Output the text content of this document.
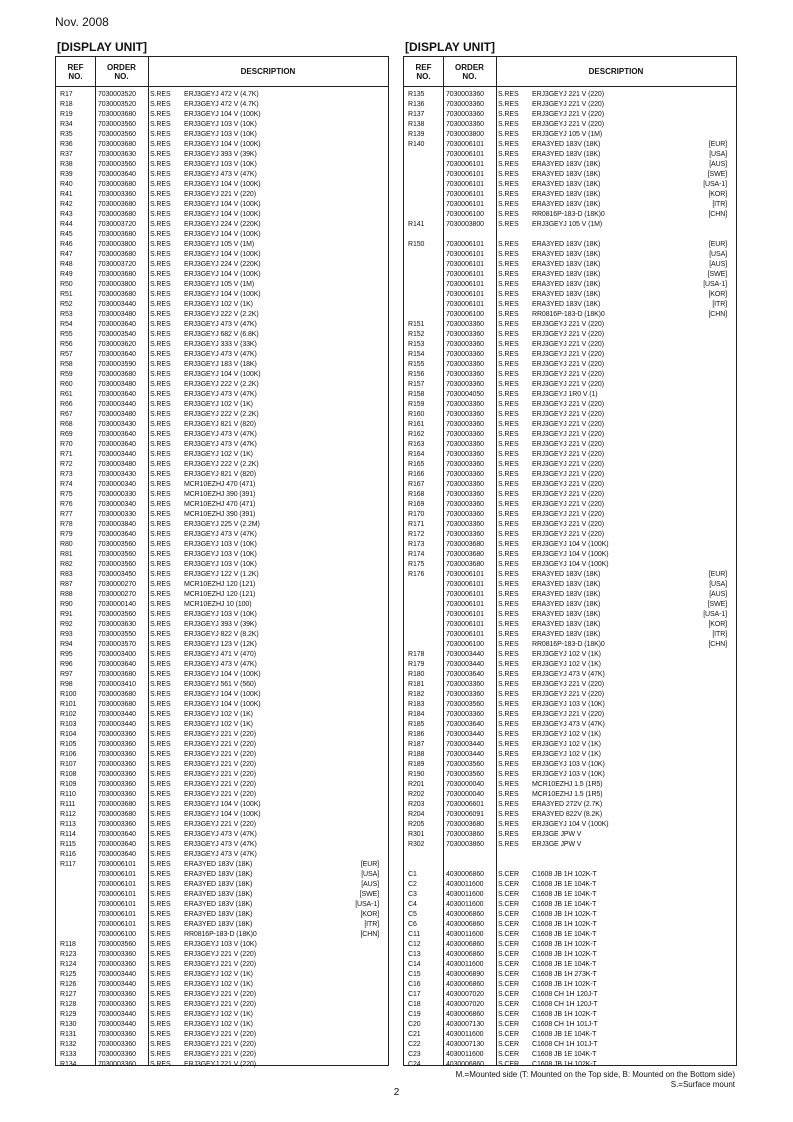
Nov. 2008
[DISPLAY UNIT]	[DISPLAY UNIT]
REF
NO.
ORDER
NO.	DESCRIPTION
R17	7030003520 S.RES ERJ3GEYJ 472 V (4.7K)
R18	7030003520 S.RES ERJ3GEYJ 472 V (4.7K)
R19	7030003680 S.RES ERJ3GEYJ 104 V (100K)
R34	7030003560 S.RES ERJ3GEYJ 103 V (10K)
R35	7030003560 S.RES ERJ3GEYJ 103 V (10K)
R36	7030003680 S.RES ERJ3GEYJ 104 V (100K)
R37	7030003630 S.RES ERJ3GEYJ 393 V (39K)
R38	7030003560 S.RES ERJ3GEYJ 103 V (10K)
R39	7030003640 S.RES ERJ3GEYJ 473 V (47K)
R40	7030003680 S.RES ERJ3GEYJ 104 V (100K)
R41	7030003360 S.RES ERJ3GEYJ 221 V (220)
R42	7030003680 S.RES ERJ3GEYJ 104 V (100K)
R43	7030003680 S.RES ERJ3GEYJ 104 V (100K)
R44	7030003720 S.RES ERJ3GEYJ 224 V (220K)
R45	7030003680 S.RES ERJ3GEYJ 104 V (100K)
R46	7030003800 S.RES ERJ3GEYJ 105 V (1M)
R47	7030003680 S.RES ERJ3GEYJ 104 V (100K)
R48	7030003720 S.RES ERJ3GEYJ 224 V (220K)
R49	7030003680 S.RES ERJ3GEYJ 104 V (100K)
R50	7030003800 S.RES ERJ3GEYJ 105 V (1M)
R51	7030003680 S.RES ERJ3GEYJ 104 V (100K)
R52	7030003440 S.RES ERJ3GEYJ 102 V (1K)
R53	7030003480 S.RES ERJ3GEYJ 222 V (2.2K)
R54	7030003640 S.RES ERJ3GEYJ 473 V (47K)
R55	7030003540 S.RES ERJ3GEYJ 682 V (6.8K)
R56	7030003620 S.RES ERJ3GEYJ 333 V (33K)
R57	7030003640 S.RES ERJ3GEYJ 473 V (47K)
R58	7030003590 S.RES ERJ3GEYJ 183 V (18K)
R59	7030003680 S.RES ERJ3GEYJ 104 V (100K)
R60	7030003480 S.RES ERJ3GEYJ 222 V (2.2K)
R61	7030003640 S.RES ERJ3GEYJ 473 V (47K)
R66	7030003440 S.RES ERJ3GEYJ 102 V (1K)
R67	7030003480 S.RES ERJ3GEYJ 222 V (2.2K)
R68	7030003430 S.RES ERJ3GEYJ 821 V (820)
R69	7030003640 S.RES ERJ3GEYJ 473 V (47K)
R70	7030003640 S.RES ERJ3GEYJ 473 V (47K)
R71	7030003440 S.RES ERJ3GEYJ 102 V (1K)
R72	7030003480 S.RES ERJ3GEYJ 222 V (2.2K)
R73	7030003430 S.RES ERJ3GEYJ 821 V (820)
R74	7030000340 S.RES MCR10EZHJ 470 (471)
R75	7030000330 S.RES MCR10EZHJ 390 (391)
R76	7030000340 S.RES MCR10EZHJ 470 (471)
R77	7030000330 S.RES MCR10EZHJ 390 (391)
R78	7030003840 S.RES ERJ3GEYJ 225 V (2.2M)
R79	7030003640 S.RES ERJ3GEYJ 473 V (47K)
R80	7030003560 S.RES ERJ3GEYJ 103 V (10K)
R81	7030003560 S.RES ERJ3GEYJ 103 V (10K)
R82	7030003560 S.RES ERJ3GEYJ 103 V (10K)
R83	7030003450 S.RES ERJ3GEYJ 122 V (1.2K)
R87	7030000270 S.RES MCR10EZHJ 120 (121)
R88	7030000270 S.RES MCR10EZHJ 120 (121)
R90	7030000140 S.RES MCR10EZHJ 10 (100)
R91	7030003560 S.RES ERJ3GEYJ 103 V (10K)
R92	7030003630 S.RES ERJ3GEYJ 393 V (39K)
R93	7030003550 S.RES ERJ3GEYJ 822 V (8.2K)
R94	7030003570 S.RES ERJ3GEYJ 123 V (12K)
R95	7030003400 S.RES ERJ3GEYJ 471 V (470)
R96	7030003640 S.RES ERJ3GEYJ 473 V (47K)
R97	7030003680 S.RES ERJ3GEYJ 104 V (100K)
R98	7030003410 S.RES ERJ3GEYJ 561 V (560)
R100	7030003680 S.RES ERJ3GEYJ 104 V (100K)
R101	7030003680 S.RES ERJ3GEYJ 104 V (100K)
R102	7030003440 S.RES ERJ3GEYJ 102 V (1K)
R103	7030003440 S.RES ERJ3GEYJ 102 V (1K)
R104	7030003360 S.RES ERJ3GEYJ 221 V (220)
R105	7030003360 S.RES ERJ3GEYJ 221 V (220)
R106	7030003360 S.RES ERJ3GEYJ 221 V (220)
R107	7030003360 S.RES ERJ3GEYJ 221 V (220)
R108	7030003360 S.RES ERJ3GEYJ 221 V (220)
R109	7030003360 S.RES ERJ3GEYJ 221 V (220)
R110	7030003360 S.RES ERJ3GEYJ 221 V (220)
R111	7030003680 S.RES ERJ3GEYJ 104 V (100K)
R112	7030003680 S.RES ERJ3GEYJ 104 V (100K)
R113	7030003360 S.RES ERJ3GEYJ 221 V (220)
R114	7030003640 S.RES ERJ3GEYJ 473 V (47K)
R115	7030003640 S.RES ERJ3GEYJ 473 V (47K)
R116	7030003640 S.RES ERJ3GEYJ 473 V (47K)
R117	7030006101 S.RES ERA3YED 183V (18K)	[EUR]
7030006101 S.RES ERA3YED 183V (18K)	[USA]
7030006101 S.RES ERA3YED 183V (18K)	[AUS]
7030006101 S.RES ERA3YED 183V (18K)	[SWE]
7030006101 S.RES ERA3YED 183V (18K)	[USA-1]
7030006101 S.RES ERA3YED 183V (18K)	[KOR]
7030006101 S.RES ERA3YED 183V (18K)	[ITR]
7030006100 S.RES RR0816P-183-D (18K)0	[CHN]
R118	7030003560 S.RES ERJ3GEYJ 103 V (10K)
R123	7030003360 S.RES ERJ3GEYJ 221 V (220)
R124	7030003360 S.RES ERJ3GEYJ 221 V (220)
R125	7030003440 S.RES ERJ3GEYJ 102 V (1K)
R126	7030003440 S.RES ERJ3GEYJ 102 V (1K)
R127	7030003360 S.RES ERJ3GEYJ 221 V (220)
R128	7030003360 S.RES ERJ3GEYJ 221 V (220)
R129	7030003440 S.RES ERJ3GEYJ 102 V (1K)
R130	7030003440 S.RES ERJ3GEYJ 102 V (1K)
R131	7030003360 S.RES ERJ3GEYJ 221 V (220)
R132	7030003360 S.RES ERJ3GEYJ 221 V (220)
R133	7030003360 S.RES ERJ3GEYJ 221 V (220)
R134	7030003360 S.RES ERJ3GEYJ 221 V (220)
REF
NO.
ORDER
NO.	DESCRIPTION
R135	7030003360 S.RES ERJ3GEYJ 221 V (220)
R136	7030003360 S.RES ERJ3GEYJ 221 V (220)
R137	7030003360 S.RES ERJ3GEYJ 221 V (220)
R138	7030003360 S.RES ERJ3GEYJ 221 V (220)
R139	7030003800 S.RES ERJ3GEYJ 105 V (1M)
R140	7030006101 S.RES ERA3YED 183V (18K)	[EUR]
7030006101 S.RES ERA3YED 183V (18K)	[USA]
7030006101 S.RES ERA3YED 183V (18K)	[AUS]
7030006101 S.RES ERA3YED 183V (18K)	[SWE]
7030006101 S.RES ERA3YED 183V (18K)	[USA-1]
7030006101 S.RES ERA3YED 183V (18K)	[KOR]
7030006101 S.RES ERA3YED 183V (18K)	[ITR]
7030006100 S.RES RR0816P-183-D (18K)0	[CHN]
R141	7030003800 S.RES ERJ3GEYJ 105 V (1M)
R150	7030006101 S.RES ERA3YED 183V (18K)	[EUR]
7030006101 S.RES ERA3YED 183V (18K)	[USA]
7030006101 S.RES ERA3YED 183V (18K)	[AUS]
7030006101 S.RES ERA3YED 183V (18K)	[SWE]
7030006101 S.RES ERA3YED 183V (18K)	[USA-1]
7030006101 S.RES ERA3YED 183V (18K)	[KOR]
7030006101 S.RES ERA3YED 183V (18K)	[ITR]
7030006100 S.RES RR0816P-183-D (18K)0	[CHN]
R151	7030003360 S.RES ERJ3GEYJ 221 V (220)
R152	7030003360 S.RES ERJ3GEYJ 221 V (220)
R153	7030003360 S.RES ERJ3GEYJ 221 V (220)
R154	7030003360 S.RES ERJ3GEYJ 221 V (220)
R155	7030003360 S.RES ERJ3GEYJ 221 V (220)
R156	7030003360 S.RES ERJ3GEYJ 221 V (220)
R157	7030003360 S.RES ERJ3GEYJ 221 V (220)
R158	7030004050 S.RES ERJ3GEYJ 1R0 V (1)
R159	7030003360 S.RES ERJ3GEYJ 221 V (220)
R160	7030003360 S.RES ERJ3GEYJ 221 V (220)
R161	7030003360 S.RES ERJ3GEYJ 221 V (220)
R162	7030003360 S.RES ERJ3GEYJ 221 V (220)
R163	7030003360 S.RES ERJ3GEYJ 221 V (220)
R164	7030003360 S.RES ERJ3GEYJ 221 V (220)
R165	7030003360 S.RES ERJ3GEYJ 221 V (220)
R166	7030003360 S.RES ERJ3GEYJ 221 V (220)
R167	7030003360 S.RES ERJ3GEYJ 221 V (220)
R168	7030003360 S.RES ERJ3GEYJ 221 V (220)
R169	7030003360 S.RES ERJ3GEYJ 221 V (220)
R170	7030003360 S.RES ERJ3GEYJ 221 V (220)
R171	7030003360 S.RES ERJ3GEYJ 221 V (220)
R172	7030003360 S.RES ERJ3GEYJ 221 V (220)
R173	7030003680 S.RES ERJ3GEYJ 104 V (100K)
R174	7030003680 S.RES ERJ3GEYJ 104 V (100K)
R175	7030003680 S.RES ERJ3GEYJ 104 V (100K)
R176	7030006101 S.RES ERA3YED 183V (18K)	[EUR]
7030006101 S.RES ERA3YED 183V (18K)	[USA]
7030006101 S.RES ERA3YED 183V (18K)	[AUS]
7030006101 S.RES ERA3YED 183V (18K)	[SWE]
7030006101 S.RES ERA3YED 183V (18K)	[USA-1]
7030006101 S.RES ERA3YED 183V (18K)	[KOR]
7030006101 S.RES ERA3YED 183V (18K)	[ITR]
7030006100 S.RES RR0816P-183-D (18K)0	[CHN]
R178	7030003440 S.RES ERJ3GEYJ 102 V (1K)
R179	7030003440 S.RES ERJ3GEYJ 102 V (1K)
R180	7030003640 S.RES ERJ3GEYJ 473 V (47K)
R181	7030003360 S.RES ERJ3GEYJ 221 V (220)
R182	7030003360 S.RES ERJ3GEYJ 221 V (220)
R183	7030003560 S.RES ERJ3GEYJ 103 V (10K)
R184	7030003360 S.RES ERJ3GEYJ 221 V (220)
R185	7030003640 S.RES ERJ3GEYJ 473 V (47K)
R186	7030003440 S.RES ERJ3GEYJ 102 V (1K)
R187	7030003440 S.RES ERJ3GEYJ 102 V (1K)
R188	7030003440 S.RES ERJ3GEYJ 102 V (1K)
R189	7030003560 S.RES ERJ3GEYJ 103 V (10K)
R190	7030003560 S.RES ERJ3GEYJ 103 V (10K)
R201	7030000040 S.RES MCR10EZHJ 1.5 (1R5)
R202	7030000040 S.RES MCR10EZHJ 1.5 (1R5)
R203	7030006601 S.RES ERA3YED 272V (2.7K)
R204	7030006091 S.RES ERA3YED 822V (8.2K)
R205	7030003680 S.RES ERJ3GEYJ 104 V (100K)
R301	7030003860 S.RES ERJ3GE JPW V
R302	7030003860 S.RES ERJ3GE JPW V
C1	4030006860 S.CER C1608 JB 1H 102K-T
C2	4030011600 S.CER C1608 JB 1E 104K-T
C3	4030011600 S.CER C1608 JB 1E 104K-T
C4	4030011600 S.CER C1608 JB 1E 104K-T
C5	4030006860 S.CER C1608 JB 1H 102K-T
C6	4030006860 S.CER C1608 JB 1H 102K-T
C11	4030011600 S.CER C1608 JB 1E 104K-T
C12	4030006860 S.CER C1608 JB 1H 102K-T
C13	4030006860 S.CER C1608 JB 1H 102K-T
C14	4030011600 S.CER C1608 JB 1E 104K-T
C15	4030006890 S.CER C1608 JB 1H 273K-T
C16	4030006860 S.CER C1608 JB 1H 102K-T
C17	4030007020 S.CER C1608 CH 1H 120J-T
C18	4030007020 S.CER C1608 CH 1H 120J-T
C19	4030006860 S.CER C1608 JB 1H 102K-T
C20	4030007130 S.CER C1608 CH 1H 101J-T
C21	4030011600 S.CER C1608 JB 1E 104K-T
C22	4030007130 S.CER C1608 CH 1H 101J-T
C23	4030011600 S.CER C1608 JB 1E 104K-T
C24	4030006860 S.CER C1608 JB 1H 102K-T
M.=Mounted side (T: Mounted on the Top side, B: Mounted on the Bottom side)
S.=Surface mount
2
